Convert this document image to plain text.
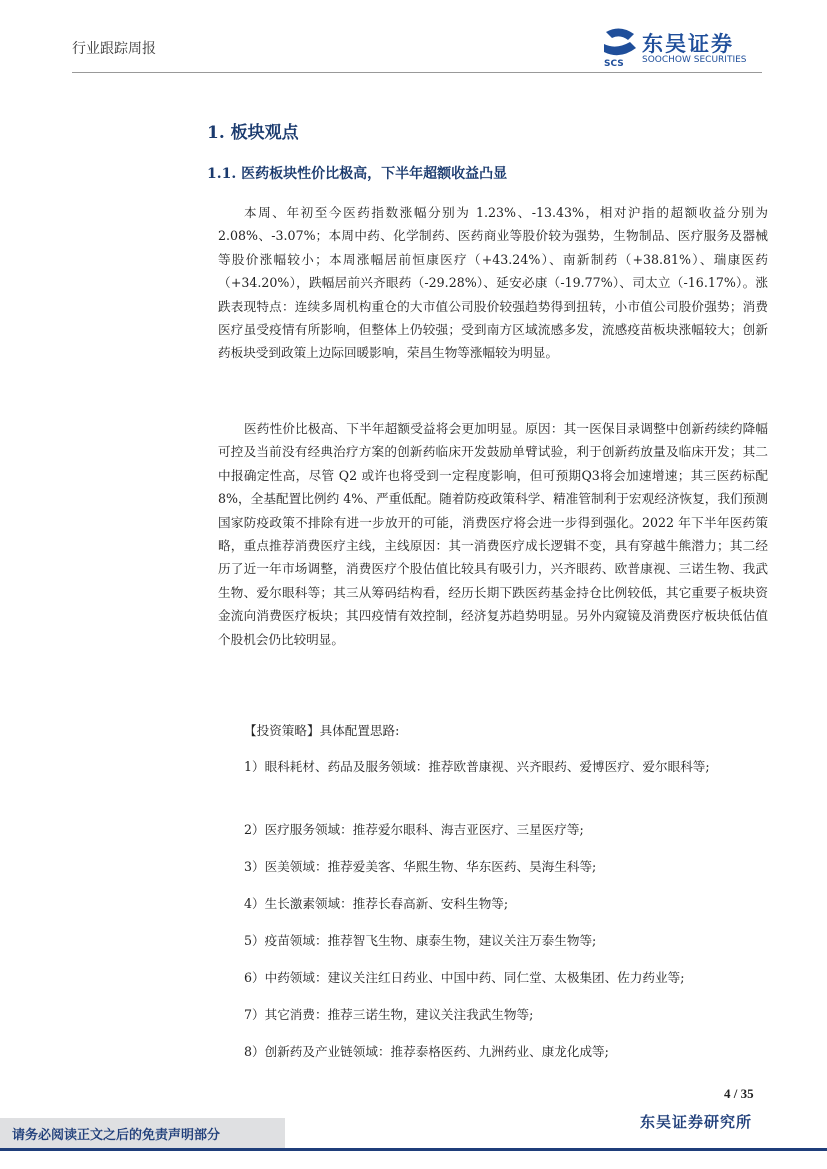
行业跟踪周报
SCS
东吴证券
SOOCHOW SECURITIES
1. 板块观点
1.1. 医药板块性价比极高，下半年超额收益凸显
本周、年初至今医药指数涨幅分别为 1.23%、-13.43%，相对沪指的超额收益分别为 2.08%、-3.07%；本周中药、化学制药、医药商业等股价较为强势，生物制品、医疗服务及器械等股价涨幅较小；本周涨幅居前恒康医疗（+43.24%）、南新制药（+38.81%）、瑞康医药（+34.20%），跌幅居前兴齐眼药（-29.28%）、延安必康（-19.77%）、司太立（-16.17%）。涨跌表现特点：连续多周机构重仓的大市值公司股价较强趋势得到扭转，小市值公司股价强势；消费医疗虽受疫情有所影响，但整体上仍较强；受到南方区域流感多发，流感疫苗板块涨幅较大；创新药板块受到政策上边际回暖影响，荣昌生物等涨幅较为明显。
医药性价比极高、下半年超额受益将会更加明显。原因：其一医保目录调整中创新药续约降幅可控及当前没有经典治疗方案的创新药临床开发鼓励单臂试验，利于创新药放量及临床开发；其二中报确定性高，尽管 Q2 或许也将受到一定程度影响，但可预期Q3将会加速增速；其三医药标配 8%，全基配置比例约 4%、严重低配。随着防疫政策科学、精准管制利于宏观经济恢复，我们预测国家防疫政策不排除有进一步放开的可能，消费医疗将会进一步得到强化。2022 年下半年医药策略，重点推荐消费医疗主线，主线原因：其一消费医疗成长逻辑不变，具有穿越牛熊潜力；其二经历了近一年市场调整，消费医疗个股估值比较具有吸引力，兴齐眼药、欧普康视、三诺生物、我武生物、爱尔眼科等；其三从筹码结构看，经历长期下跌医药基金持仓比例较低，其它重要子板块资金流向消费医疗板块；其四疫情有效控制，经济复苏趋势明显。另外内窥镜及消费医疗板块低估值个股机会仍比较明显。
【投资策略】具体配置思路:
1）眼科耗材、药品及服务领域：推荐欧普康视、兴齐眼药、爱博医疗、爱尔眼科等;
2）医疗服务领域：推荐爱尔眼科、海吉亚医疗、三星医疗等;
3）医美领域：推荐爱美客、华熙生物、华东医药、昊海生科等;
4）生长激素领域：推荐长春高新、安科生物等;
5）疫苗领域：推荐智飞生物、康泰生物，建议关注万泰生物等;
6）中药领域：建议关注红日药业、中国中药、同仁堂、太极集团、佐力药业等;
7）其它消费：推荐三诺生物，建议关注我武生物等;
8）创新药及产业链领域：推荐泰格医药、九洲药业、康龙化成等;
4 / 35
请务必阅读正文之后的免责声明部分
东吴证券研究所
